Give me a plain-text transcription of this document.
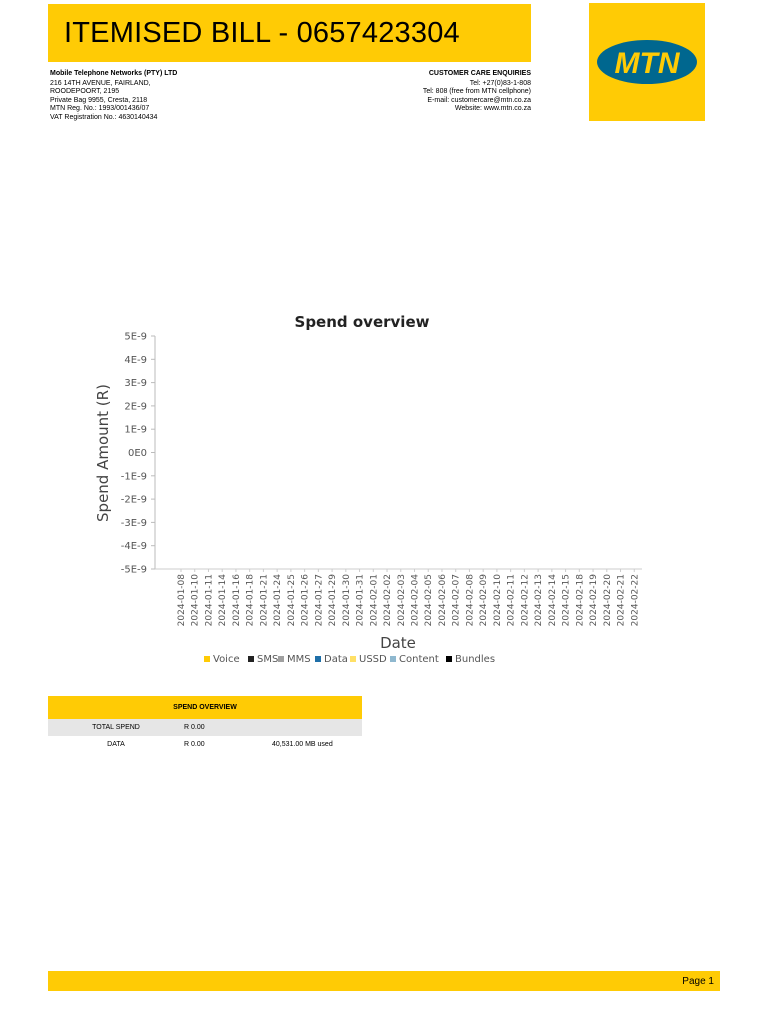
ITEMISED BILL - 0657423304
MTN
Mobile Telephone Networks (PTY) LTD
216 14TH AVENUE, FAIRLAND,
ROODEPOORT, 2195
Private Bag 9955, Cresta, 2118
MTN Reg. No.: 1993/001436/07
VAT Registration No.: 4630140434
CUSTOMER CARE ENQUIRIES
Tel: +27(0)83-1-808
Tel: 808 (free from MTN cellphone)
E-mail: customercare@mtn.co.za
Website: www.mtn.co.za
Spend overview
5E-9
4E-9
3E-9
2E-9
1E-9
0E0
-1E-9
-2E-9
-3E-9
-4E-9
-5E-9
2024-01-08 2024-01-10 2024-01-11 2024-01-14 2024-01-16 2024-01-18 2024-01-21 2024-01-24 2024-01-25 2024-01-26 2024-01-27 2024-01-29 2024-01-30 2024-01-31 2024-02-01 2024-02-02 2024-02-03 2024-02-04 2024-02-05 2024-02-06 2024-02-07 2024-02-08 2024-02-09 2024-02-10 2024-02-11 2024-02-12 2024-02-13 2024-02-14 2024-02-15 2024-02-18 2024-02-19 2024-02-20 2024-02-21 2024-02-22
Spend Amount (R)
Date
Voice SMS MMS Data USSD Content Bundles
SPEND OVERVIEW
TOTAL SPEND	R 0.00
DATA	R 0.00	40,531.00 MB used
Page 1
